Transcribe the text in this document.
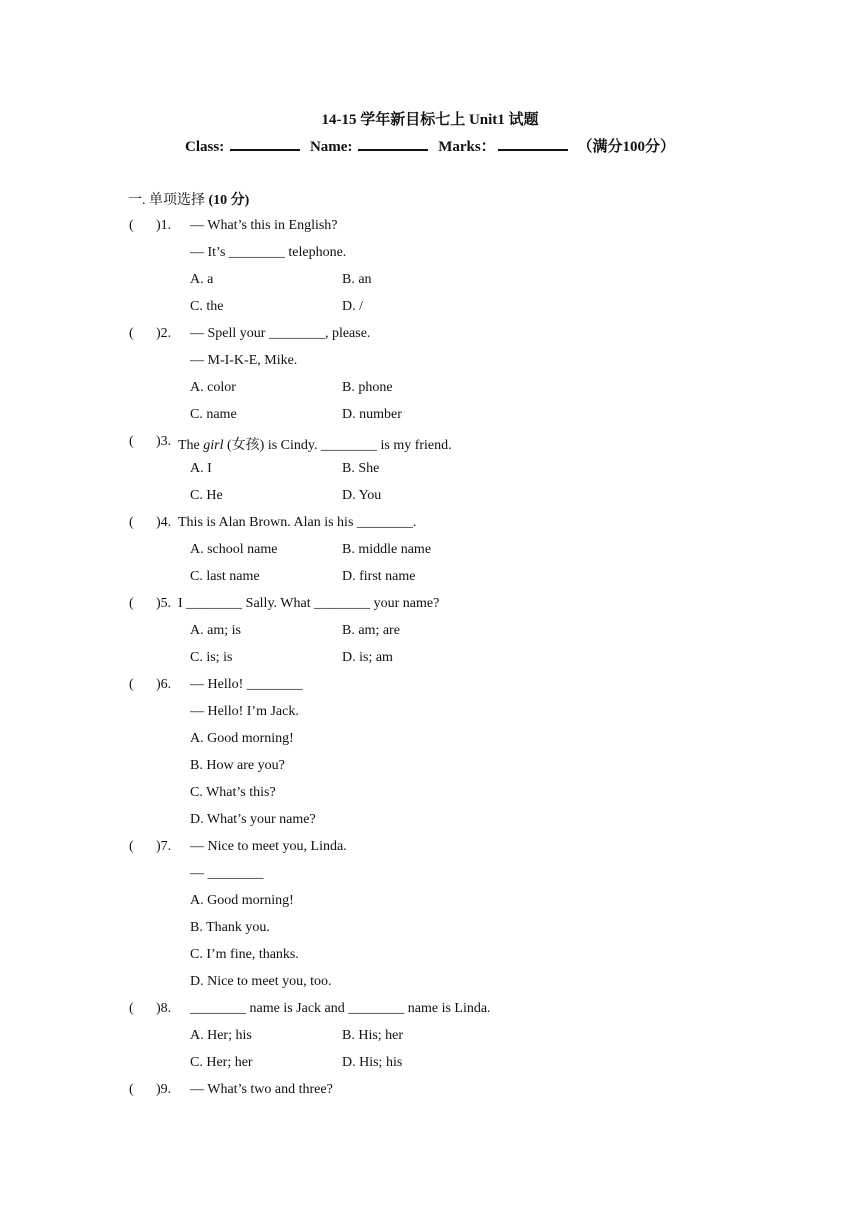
14-15 学年新目标七上 Unit1 试题
Class:	Name:	Marks：	（满分100分）
一. 单项选择 (10 分)
( )1. — What’s this in English?
— It’s ________ telephone.
A. a	B. an
C. the	D. /
( )2. — Spell your ________, please.
— M-I-K-E, Mike.
A. color	B. phone
C. name	D. number
( )3. The girl (女孩) is Cindy. ________ is my friend.
A. I	B. She
C. He	D. You
( )4. This is Alan Brown. Alan is his ________.
A. school name	B. middle name
C. last name	D. first name
( )5. I ________ Sally. What ________ your name?
A. am; is	B. am; are
C. is; is	D. is; am
( )6. — Hello! ________
— Hello! I’m Jack.
A. Good morning!
B. How are you?
C. What’s this?
D. What’s your name?
( )7. — Nice to meet you, Linda.
— ________
A. Good morning!
B. Thank you.
C. I’m fine, thanks.
D. Nice to meet you, too.
( )8. ________ name is Jack and ________ name is Linda.
A. Her; his	B. His; her
C. Her; her	D. His; his
( )9. — What’s two and three?
